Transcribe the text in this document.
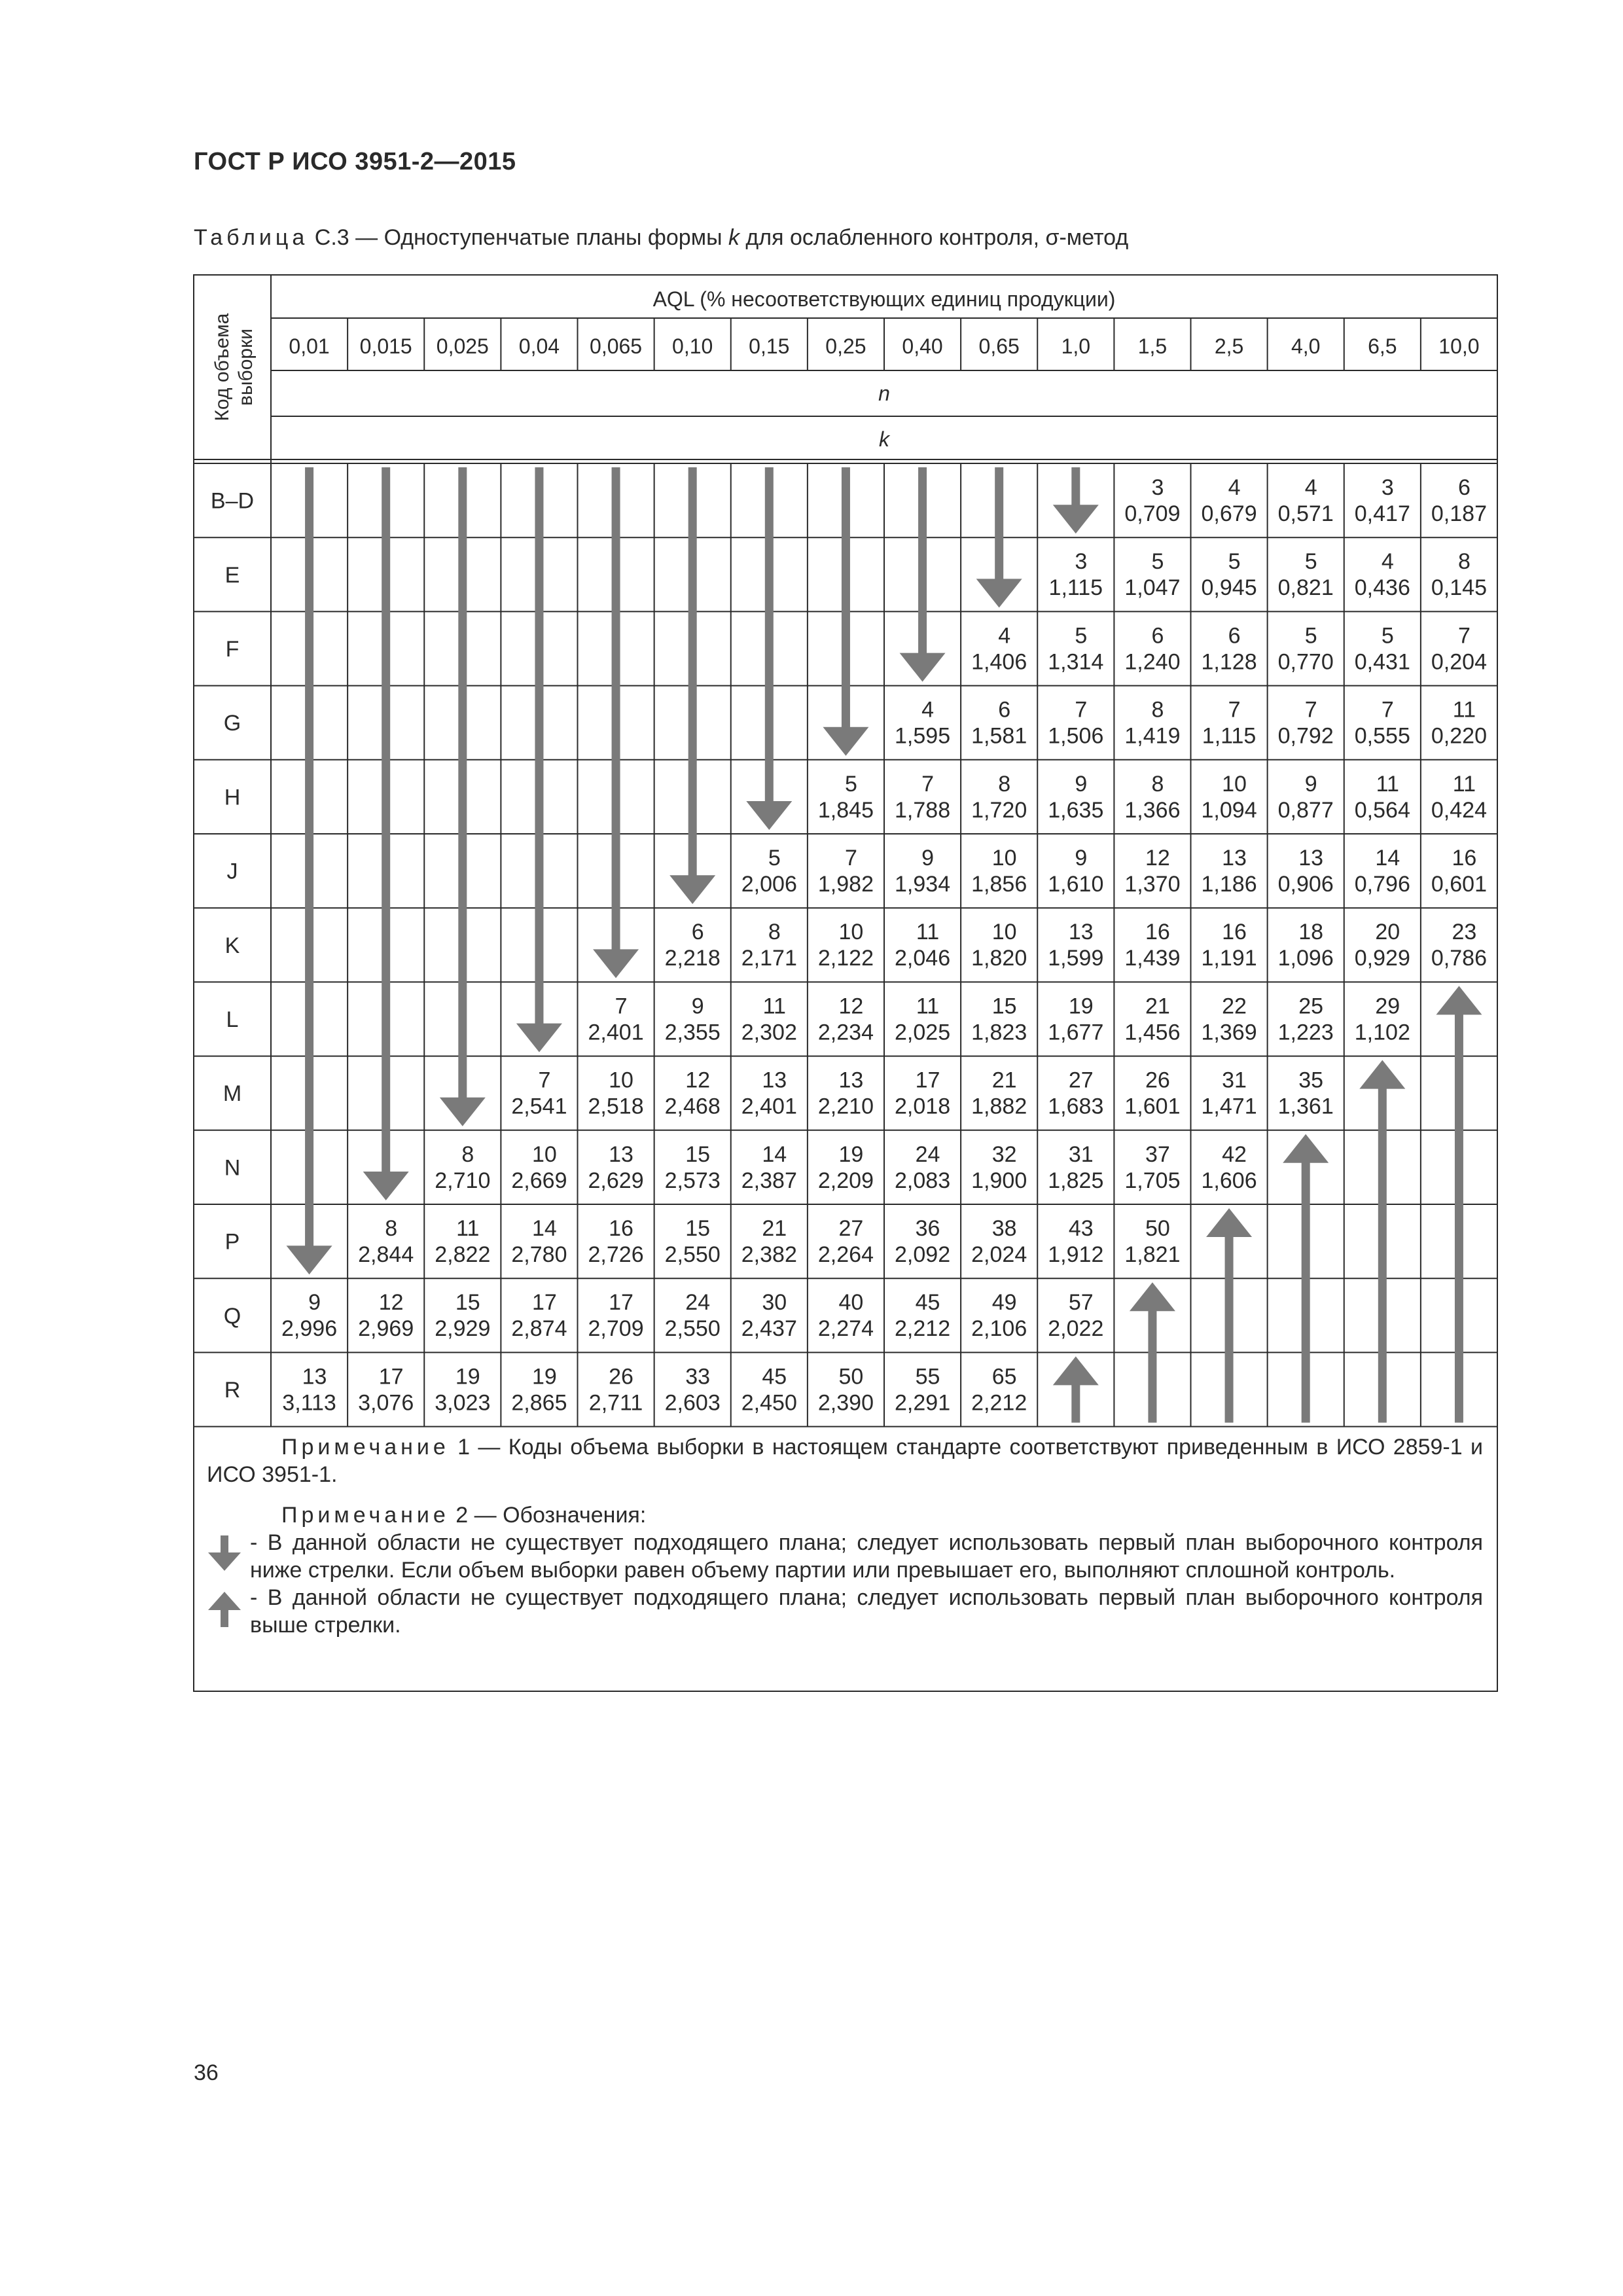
ГОСТ Р ИСО 3951-2—2015
Таблица С.3 — Одноступенчатые планы формы k для ослабленного контроля, σ-метод
AQL (% несоответствующих единиц продукции)
0,01 0,015 0,025 0,04 0,065 0,10 0,15 0,25 0,40 0,65 1,0 1,5 2,5 4,0 6,5 10,0
n
k
Код объема выборки
B–D
E
F
G
H
J
K
L
M
N
P
Q
R
9
2,996
13
3,113
8
2,844
12
2,969
17
3,076
8
2,710
11
2,822
15
2,929
19
3,023
7
2,541
10
2,669
14
2,780
17
2,874
19
2,865
7
2,401
10
2,518
13
2,629
16
2,726
17
2,709
26
2,711
6
2,218
9
2,355
12
2,468
15
2,573
15
2,550
24
2,550
33
2,603
5
2,006
8
2,171
11
2,302
13
2,401
14
2,387
21
2,382
30
2,437
45
2,450
5
1,845
7
1,982
10
2,122
12
2,234
13
2,210
19
2,209
27
2,264
40
2,274
50
2,390
4
1,595
7
1,788
9
1,934
11
2,046
11
2,025
17
2,018
24
2,083
36
2,092
45
2,212
55
2,291
4
1,406
6
1,581
8
1,720
10
1,856
10
1,820
15
1,823
21
1,882
32
1,900
38
2,024
49
2,106
65
2,212
3
1,115
5
1,314
7
1,506
9
1,635
9
1,610
13
1,599
19
1,677
27
1,683
31
1,825
43
1,912
57
2,022
3
0,709
5
1,047
6
1,240
8
1,419
8
1,366
12
1,370
16
1,439
21
1,456
26
1,601
37
1,705
50
1,821
4
0,679
5
0,945
6
1,128
7
1,115
10
1,094
13
1,186
16
1,191
22
1,369
31
1,471
42
1,606
4
0,571
5
0,821
5
0,770
7
0,792
9
0,877
13
0,906
18
1,096
25
1,223
35
1,361
3
0,417
4
0,436
5
0,431
7
0,555
11
0,564
14
0,796
20
0,929
29
1,102
6
0,187
8
0,145
7
0,204
11
0,220
11
0,424
16
0,601
23
0,786

Примечание 1 — Коды объема выборки в настоящем стандарте соответствуют приведенным в ИСО 2859-1 и ИСО 3951-1.

Примечание 2 — Обозначения:

- В данной области не существует подходящего плана; следует использовать первый план выборочного контроля ниже стрелки. Если объем выборки равен объему партии или превышает его, выполняют сплошной контроль.
- В данной области не существует подходящего плана; следует использовать первый план выборочного контроля выше стрелки.
36
